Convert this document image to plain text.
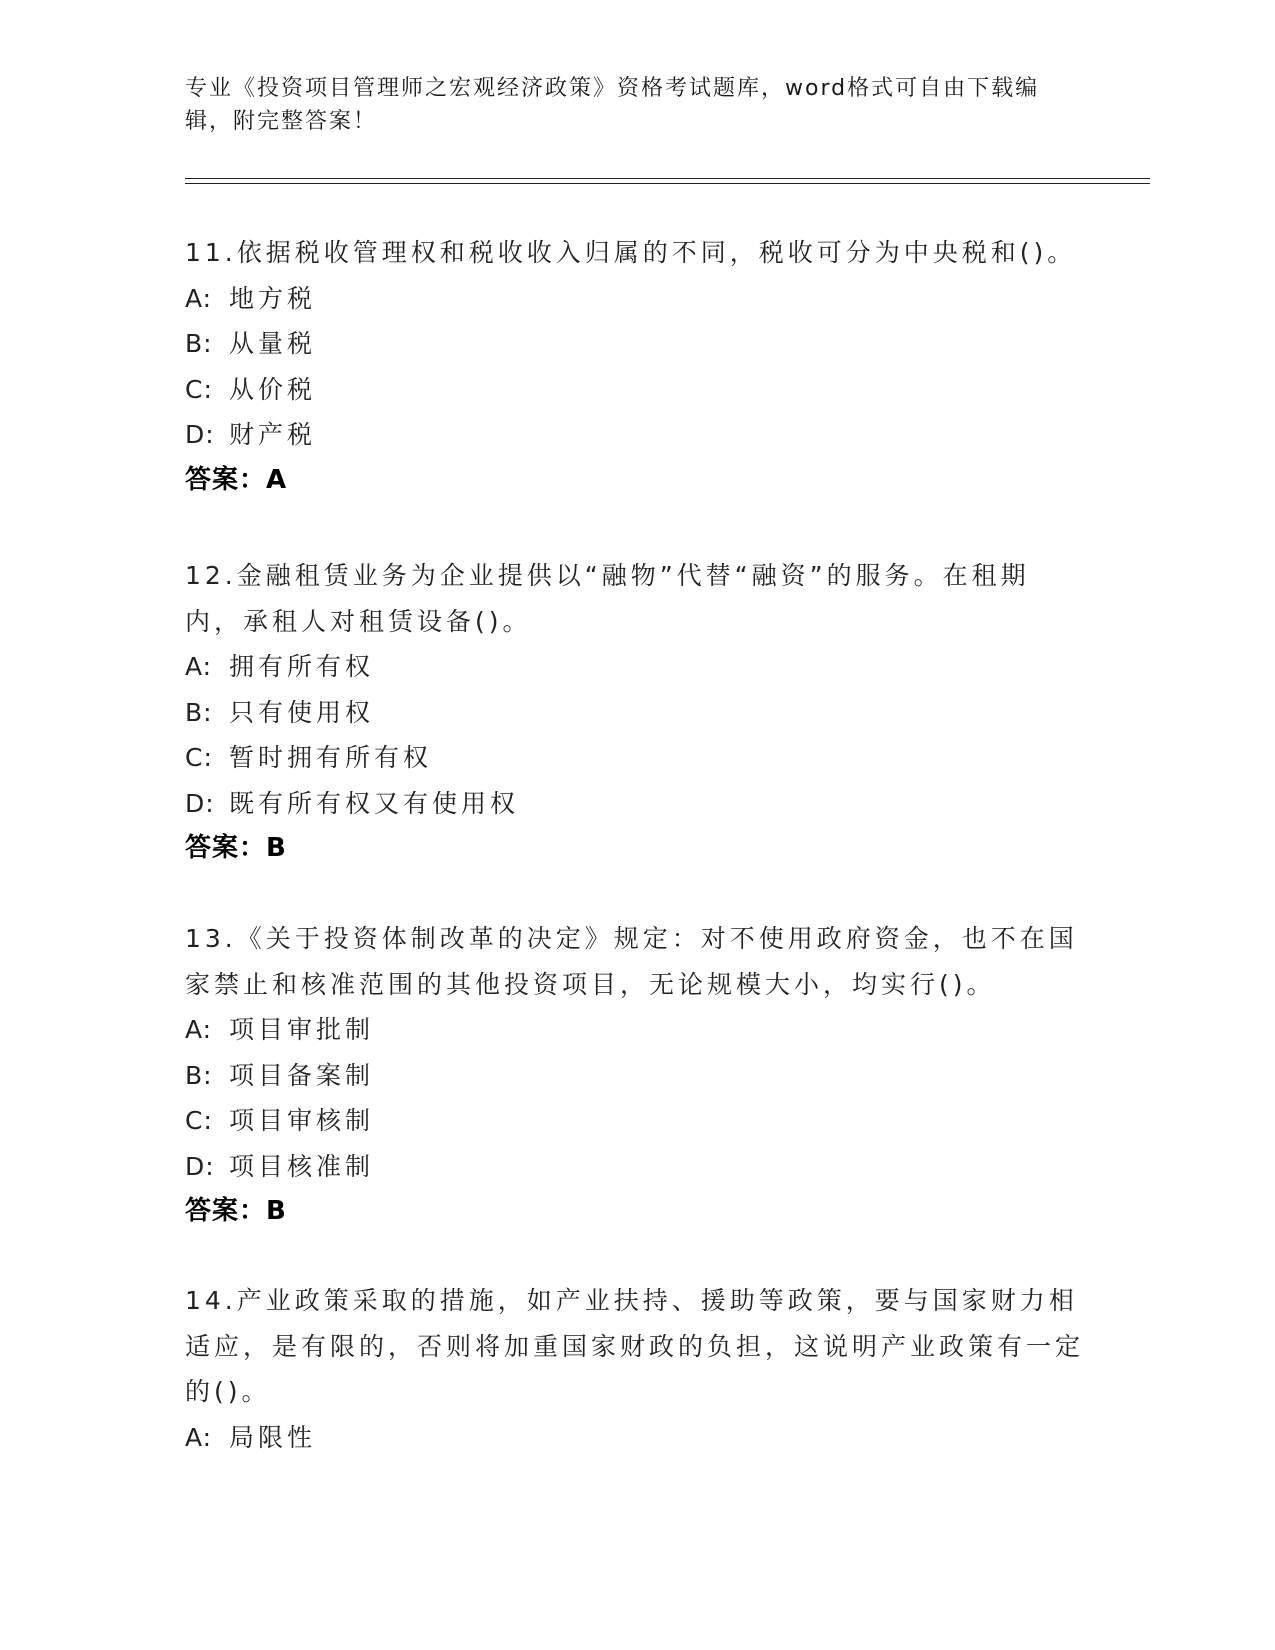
专业《投资项目管理师之宏观经济政策》资格考试题库，word格式可自由下载编辑，附完整答案！

11.依据税收管理权和税收收入归属的不同，税收可分为中央税和()。

A: 地方税

B: 从量税

C: 从价税

D: 财产税

答案：A

12.金融租赁业务为企业提供以“融物”代替“融资”的服务。在租期内，承租人对租赁设备()。

A: 拥有所有权

B: 只有使用权

C: 暂时拥有所有权

D: 既有所有权又有使用权

答案：B

13.《关于投资体制改革的决定》规定：对不使用政府资金，也不在国家禁止和核准范围的其他投资项目，无论规模大小，均实行()。

A: 项目审批制

B: 项目备案制

C: 项目审核制

D: 项目核准制

答案：B

14.产业政策采取的措施，如产业扶持、援助等政策，要与国家财力相适应，是有限的，否则将加重国家财政的负担，这说明产业政策有一定的()。

A: 局限性
